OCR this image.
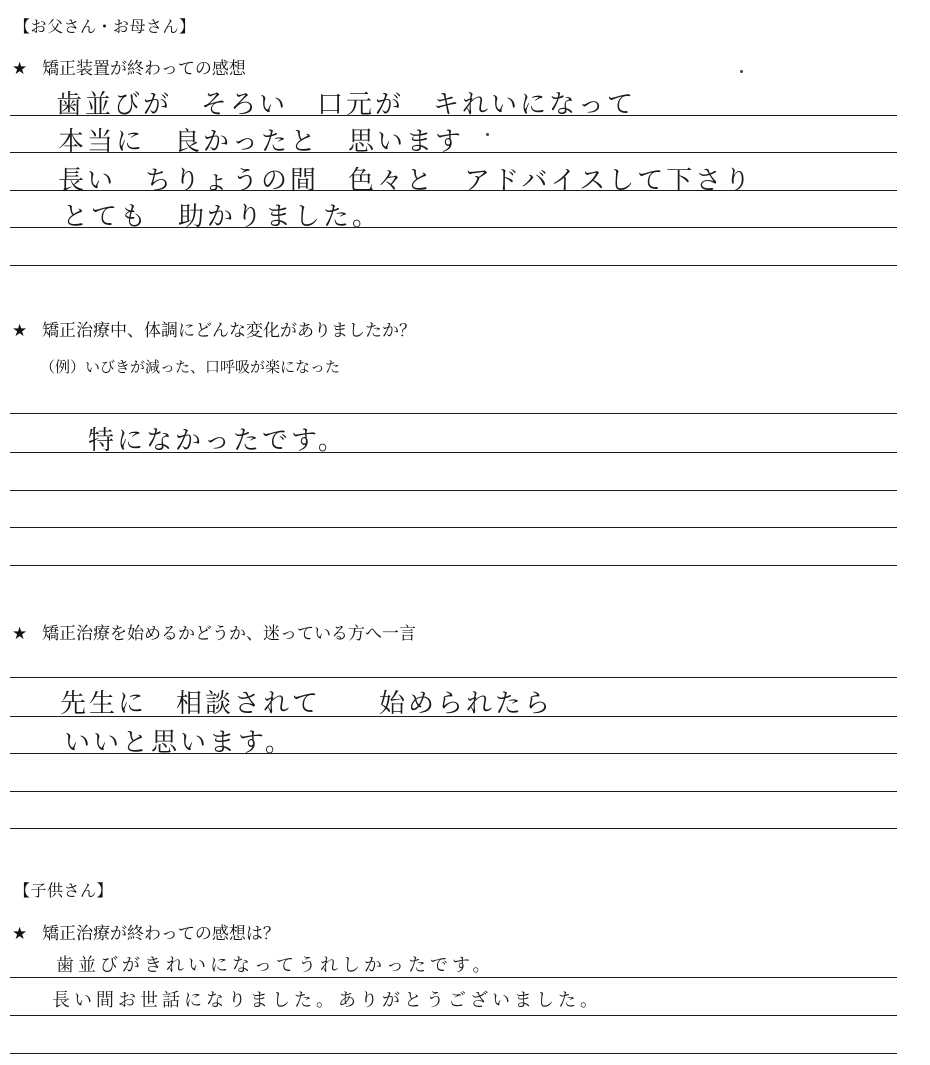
【お父さん・お母さん】
★ 矯正装置が終わっての感想
歯並びが　そろい　口元が　キれいになって
本当に　良かったと　思います
長い　ちりょうの間　色々と　アドバイスして下さり
とても　助かりました。
★ 矯正治療中、体調にどんな変化がありましたか？
（例）いびきが減った、口呼吸が楽になった
特になかったです。
★ 矯正治療を始めるかどうか、迷っている方へ一言
先生に　相談されて　　始められたら
いいと思います。
【子供さん】
★ 矯正治療が終わっての感想は？
歯並びがきれいになってうれしかったです。
長い間お世話になりました。ありがとうございました。
